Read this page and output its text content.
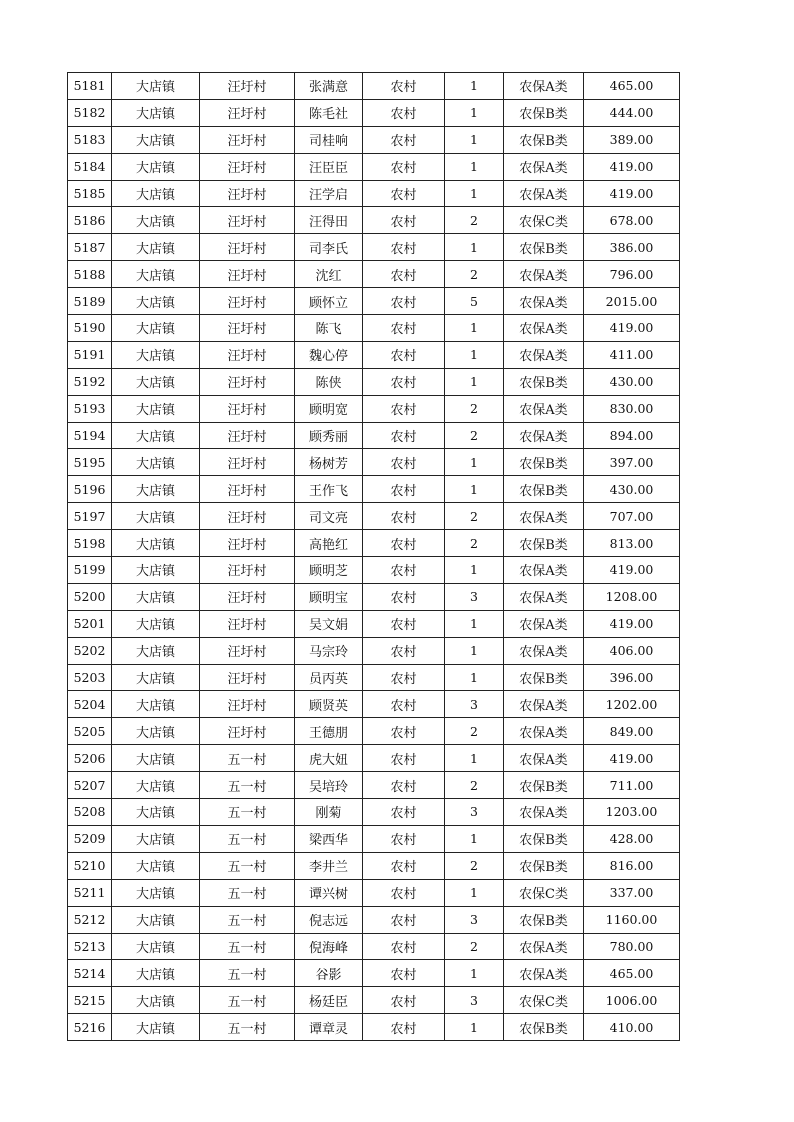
5181	大店镇	汪圩村	张满意	农村	1	农保A类	465.00
5182	大店镇	汪圩村	陈毛社	农村	1	农保B类	444.00
5183	大店镇	汪圩村	司桂响	农村	1	农保B类	389.00
5184	大店镇	汪圩村	汪臣臣	农村	1	农保A类	419.00
5185	大店镇	汪圩村	汪学启	农村	1	农保A类	419.00
5186	大店镇	汪圩村	汪得田	农村	2	农保C类	678.00
5187	大店镇	汪圩村	司李氏	农村	1	农保B类	386.00
5188	大店镇	汪圩村	沈红	农村	2	农保A类	796.00
5189	大店镇	汪圩村	顾怀立	农村	5	农保A类	2015.00
5190	大店镇	汪圩村	陈飞	农村	1	农保A类	419.00
5191	大店镇	汪圩村	魏心停	农村	1	农保A类	411.00
5192	大店镇	汪圩村	陈侠	农村	1	农保B类	430.00
5193	大店镇	汪圩村	顾明宽	农村	2	农保A类	830.00
5194	大店镇	汪圩村	顾秀丽	农村	2	农保A类	894.00
5195	大店镇	汪圩村	杨树芳	农村	1	农保B类	397.00
5196	大店镇	汪圩村	王作飞	农村	1	农保B类	430.00
5197	大店镇	汪圩村	司文亮	农村	2	农保A类	707.00
5198	大店镇	汪圩村	高艳红	农村	2	农保B类	813.00
5199	大店镇	汪圩村	顾明芝	农村	1	农保A类	419.00
5200	大店镇	汪圩村	顾明宝	农村	3	农保A类	1208.00
5201	大店镇	汪圩村	吴文娟	农村	1	农保A类	419.00
5202	大店镇	汪圩村	马宗玲	农村	1	农保A类	406.00
5203	大店镇	汪圩村	员丙英	农村	1	农保B类	396.00
5204	大店镇	汪圩村	顾贤英	农村	3	农保A类	1202.00
5205	大店镇	汪圩村	王德朋	农村	2	农保A类	849.00
5206	大店镇	五一村	虎大妞	农村	1	农保A类	419.00
5207	大店镇	五一村	吴培玲	农村	2	农保B类	711.00
5208	大店镇	五一村	刚菊	农村	3	农保A类	1203.00
5209	大店镇	五一村	梁西华	农村	1	农保B类	428.00
5210	大店镇	五一村	李井兰	农村	2	农保B类	816.00
5211	大店镇	五一村	谭兴树	农村	1	农保C类	337.00
5212	大店镇	五一村	倪志远	农村	3	农保B类	1160.00
5213	大店镇	五一村	倪海峰	农村	2	农保A类	780.00
5214	大店镇	五一村	谷影	农村	1	农保A类	465.00
5215	大店镇	五一村	杨廷臣	农村	3	农保C类	1006.00
5216	大店镇	五一村	谭章灵	农村	1	农保B类	410.00
